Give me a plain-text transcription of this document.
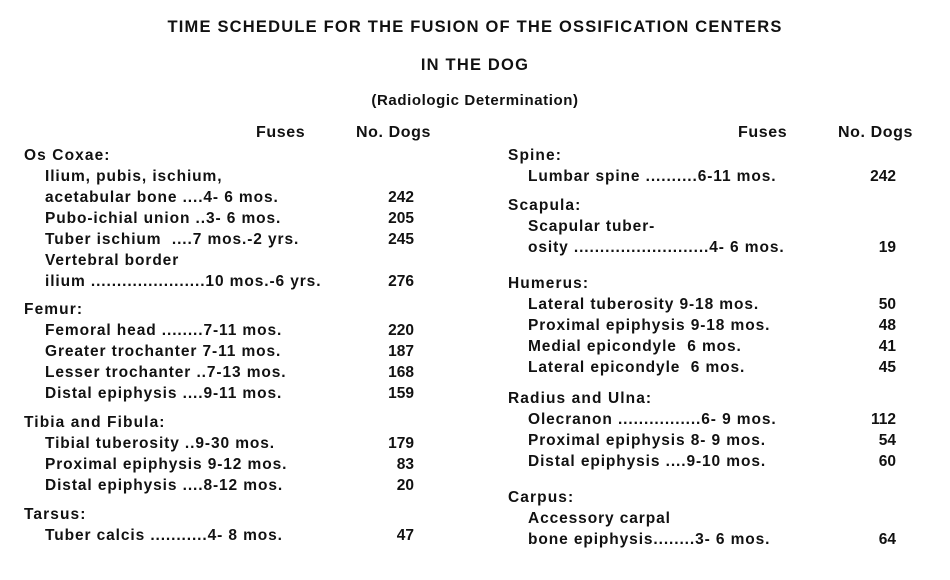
TIME SCHEDULE FOR THE FUSION OF THE OSSIFICATION CENTERS
IN THE DOG
(Radiologic Determination)
Fuses	No. Dogs	Fuses	No. Dogs
Os Coxae:
Ilium, pubis, ischium,
acetabular bone ....4- 6 mos.	242
Pubo-ichial union ..3- 6 mos.	205
Tuber ischium  ....7 mos.-2 yrs.	245
Vertebral border
ilium ......................10 mos.-6 yrs.	276
Femur:
Femoral head ........7-11 mos.	220
Greater trochanter 7-11 mos.	187
Lesser trochanter ..7-13 mos.	168
Distal epiphysis ....9-11 mos.	159
Tibia and Fibula:
Tibial tuberosity ..9-30 mos.	179
Proximal epiphysis 9-12 mos.	83
Distal epiphysis ....8-12 mos.	20
Tarsus:
Tuber calcis ...........4- 8 mos.	47
Spine:
Lumbar spine ..........6-11 mos.	242
Scapula:
Scapular tuber-
osity ..........................4- 6 mos.	19
Humerus:
Lateral tuberosity 9-18 mos.	50
Proximal epiphysis 9-18 mos.	48
Medial epicondyle  6 mos.	41
Lateral epicondyle  6 mos.	45
Radius and Ulna:
Olecranon ................6- 9 mos.	112
Proximal epiphysis 8- 9 mos.	54
Distal epiphysis ....9-10 mos.	60
Carpus:
Accessory carpal
bone epiphysis........3- 6 mos.	64
